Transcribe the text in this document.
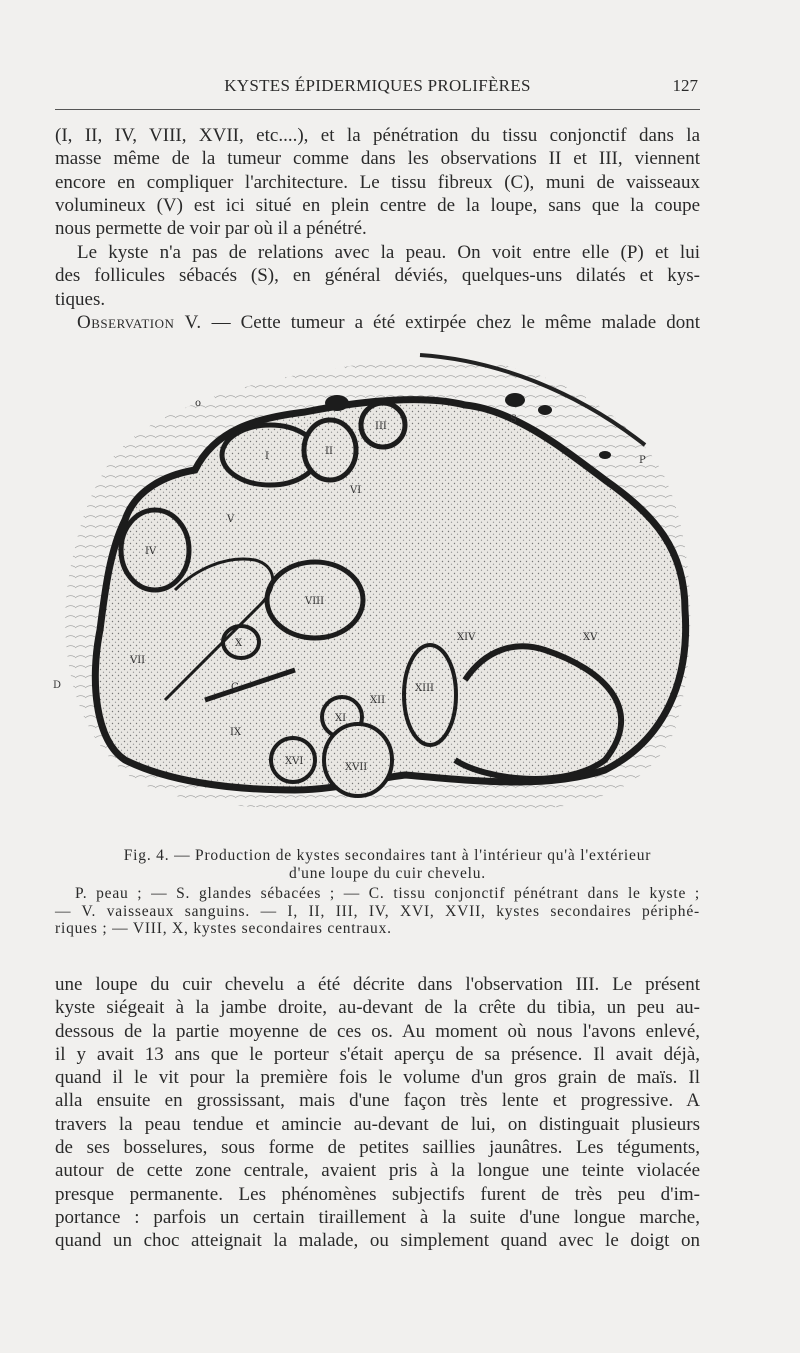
KYSTES ÉPIDERMIQUES PROLIFÈRES	127

(I, II, IV, VIII, XVII, etc....), et la pénétration du tissu conjonctif dans la
masse même de la tumeur comme dans les observations II et III, viennent
encore en compliquer l'architecture. Le tissu fibreux (C), muni de vaisseaux
volumineux (V) est ici situé en plein centre de la loupe, sans que la coupe
nous permette de voir par où il a pénétré.

Le kyste n'a pas de relations avec la peau. On voit entre elle (P) et lui
des follicules sébacés (S), en général déviés, quelques-uns dilatés et kys-
tiques.

Observation V. — Cette tumeur a été extirpée chez le même malade dont

I	II
III
IV
V
VI
VII
VIII
IX
X
XI
XII
XIII
XIV	XV
XVI
XVII
P
S
C
D
o

Fig. 4. — Production de kystes secondaires tant à l'intérieur qu'à l'extérieur
d'une loupe du cuir chevelu.

P. peau ; — S. glandes sébacées ; — C. tissu conjonctif pénétrant dans le kyste ;
— V. vaisseaux sanguins. — I, II, III, IV, XVI, XVII, kystes secondaires périphé-
riques ; — VIII, X, kystes secondaires centraux.

une loupe du cuir chevelu a été décrite dans l'observation III. Le présent
kyste siégeait à la jambe droite, au-devant de la crête du tibia, un peu au-
dessous de la partie moyenne de ces os. Au moment où nous l'avons enlevé,
il y avait 13 ans que le porteur s'était aperçu de sa présence. Il avait déjà,
quand il le vit pour la première fois le volume d'un gros grain de maïs. Il
alla ensuite en grossissant, mais d'une façon très lente et progressive. A
travers la peau tendue et amincie au-devant de lui, on distinguait plusieurs
de ses bosselures, sous forme de petites saillies jaunâtres. Les téguments,
autour de cette zone centrale, avaient pris à la longue une teinte violacée
presque permanente. Les phénomènes subjectifs furent de très peu d'im-
portance : parfois un certain tiraillement à la suite d'une longue marche,
quand un choc atteignait la malade, ou simplement quand avec le doigt on
